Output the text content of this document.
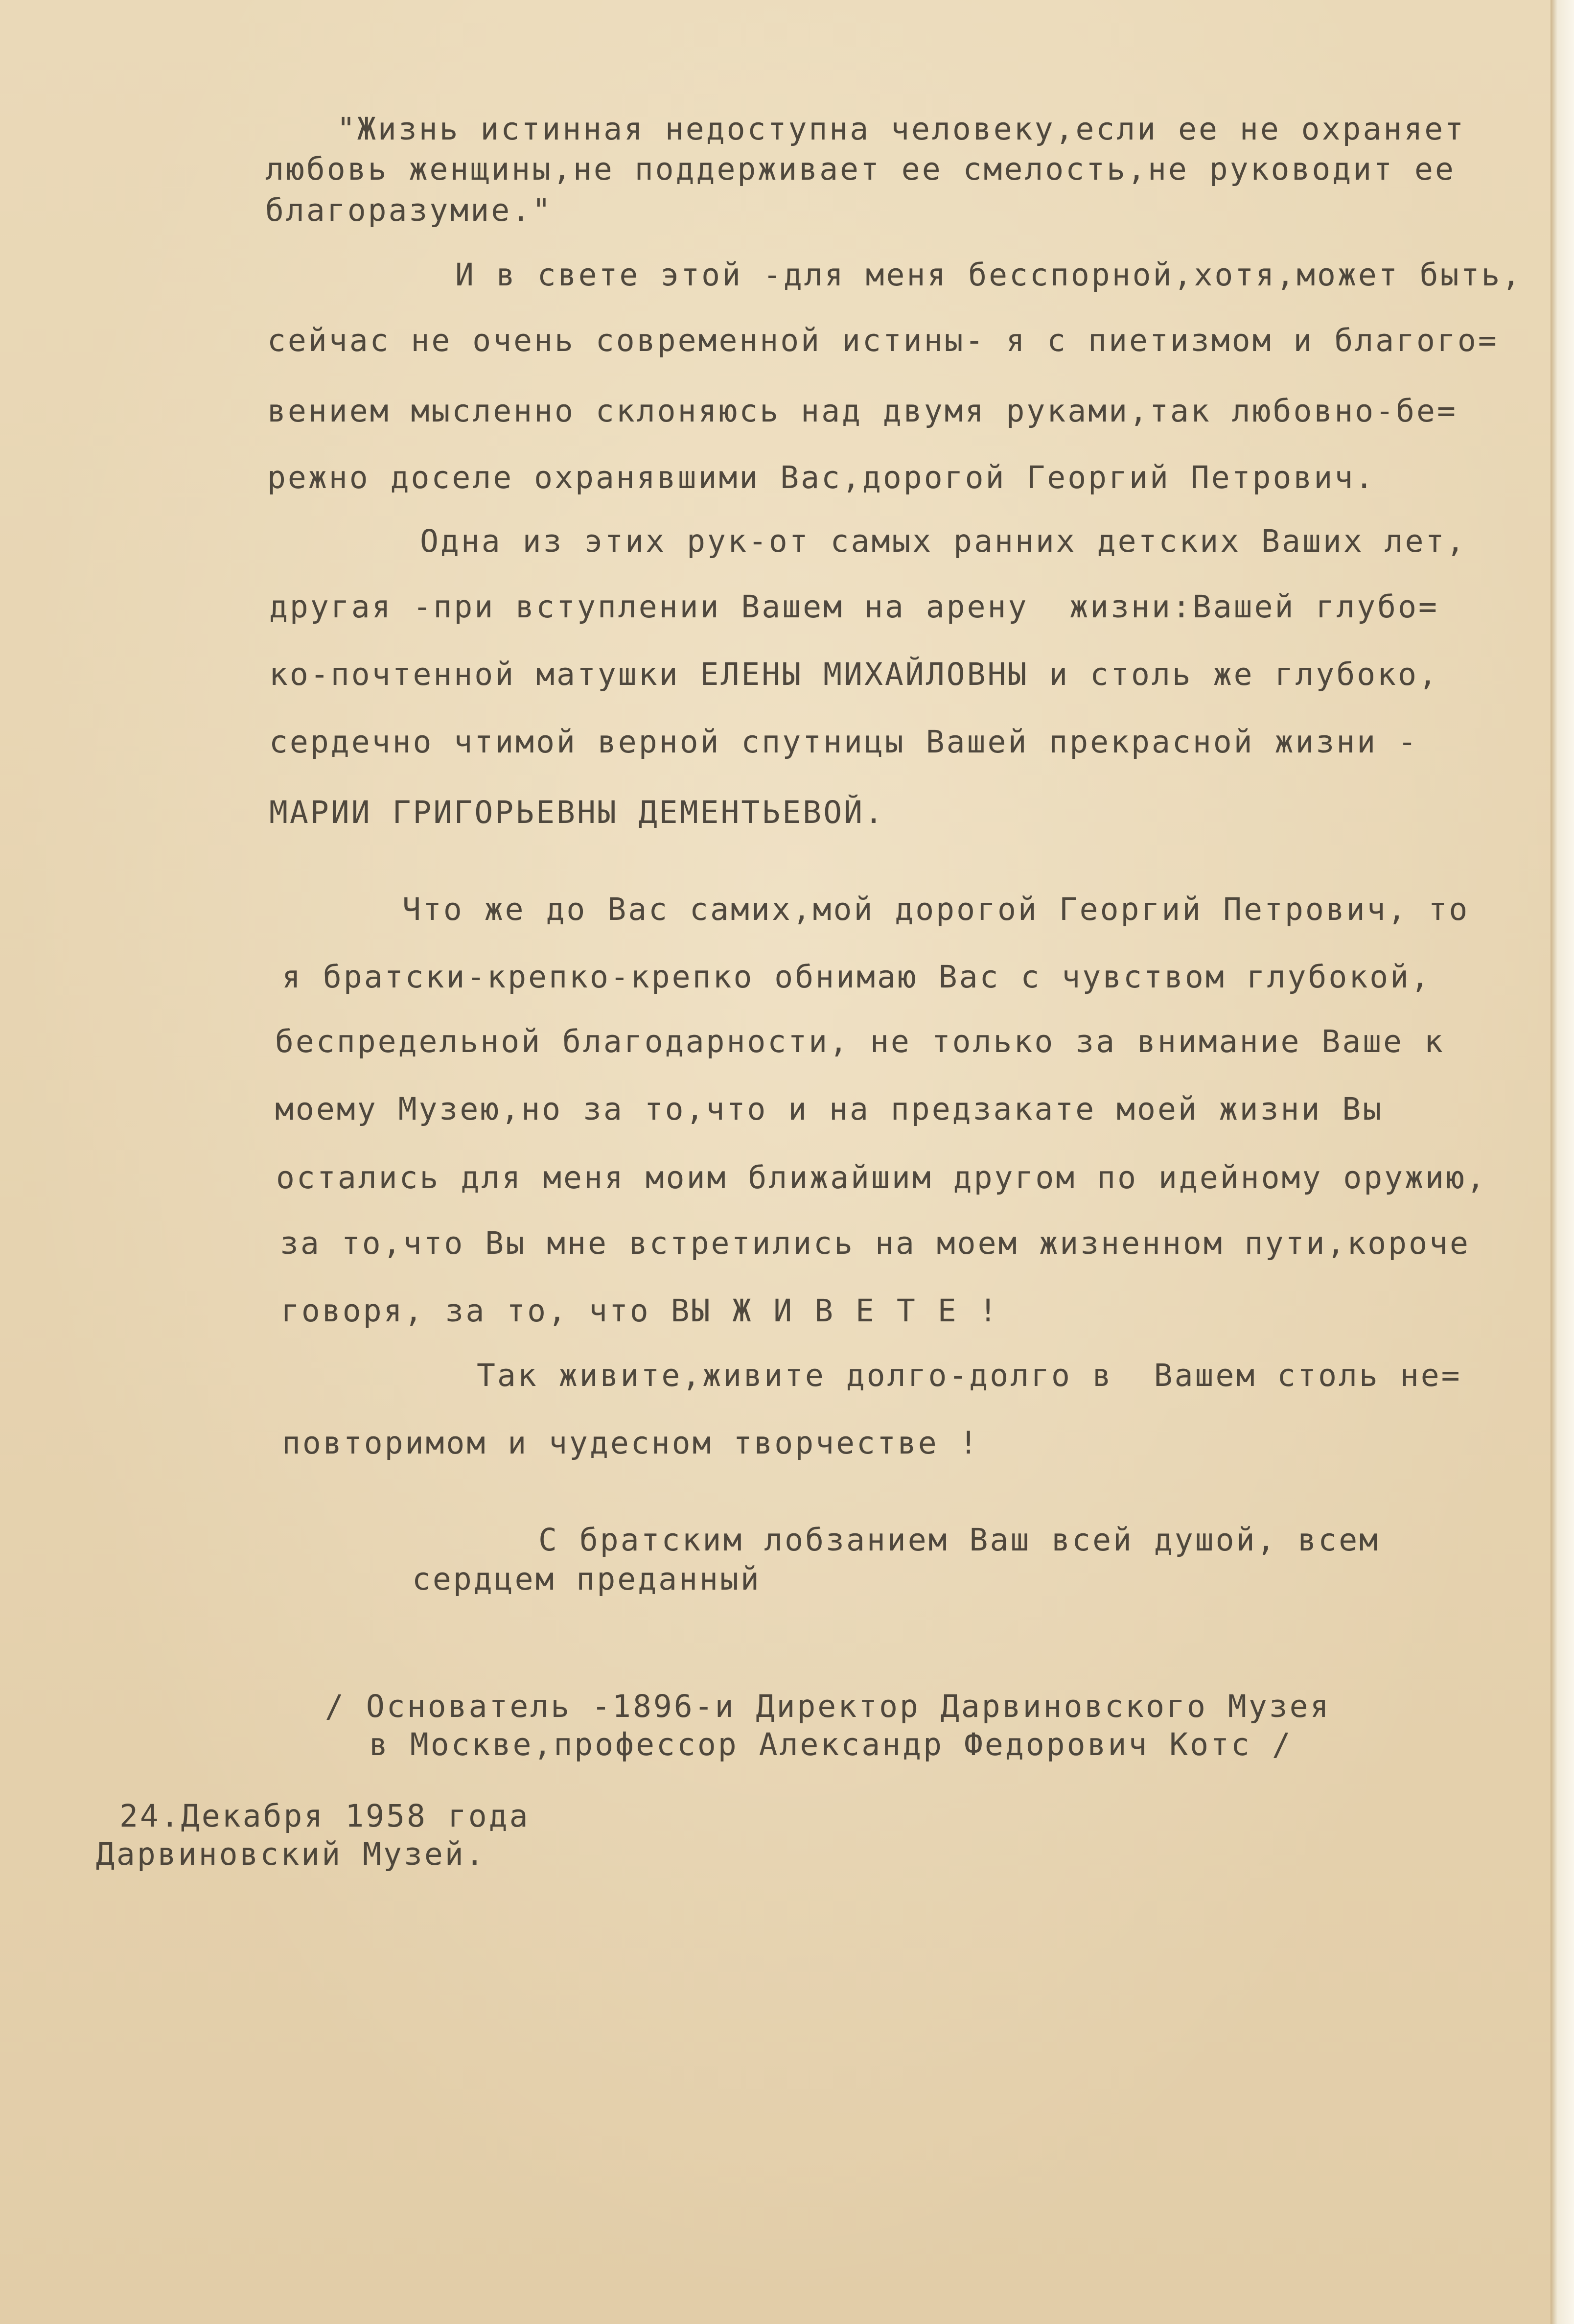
"Жизнь истинная недоступна человеку,если ее не охраняет
любовь женщины,не поддерживает ее смелость,не руководит ее
благоразумие."
И в свете этой -для меня бесспорной,хотя,может быть,
сейчас не очень современной истины- я с пиетизмом и благого=
вением мысленно склоняюсь над двумя руками,так любовно-бе=
режно доселе охранявшими Вас,дорогой Георгий Петрович.
Одна из этих рук-от самых ранних детских Ваших лет,
другая -при вступлении Вашем на арену  жизни:Вашей глубо=
ко-почтенной матушки ЕЛЕНЫ МИХАЙЛОВНЫ и столь же глубоко,
сердечно чтимой верной спутницы Вашей прекрасной жизни -
МАРИИ ГРИГОРЬЕВНЫ ДЕМЕНТЬЕВОЙ.
Что же до Вас самих,мой дорогой Георгий Петрович, то
я братски-крепко-крепко обнимаю Вас с чувством глубокой,
беспредельной благодарности, не только за внимание Ваше к
моему Музею,но за то,что и на предзакате моей жизни Вы
остались для меня моим ближайшим другом по идейному оружию,
за то,что Вы мне встретились на моем жизненном пути,короче
говоря, за то, что ВЫ Ж И В Е Т Е !
Так живите,живите долго-долго в  Вашем столь не=
повторимом и чудесном творчестве !
С братским лобзанием Ваш всей душой, всем
сердцем преданный
/ Основатель -1896-и Директор Дарвиновского Музея
в Москве,профессор Александр Федорович Котс /
24.Декабря 1958 года
Дарвиновский Музей.
